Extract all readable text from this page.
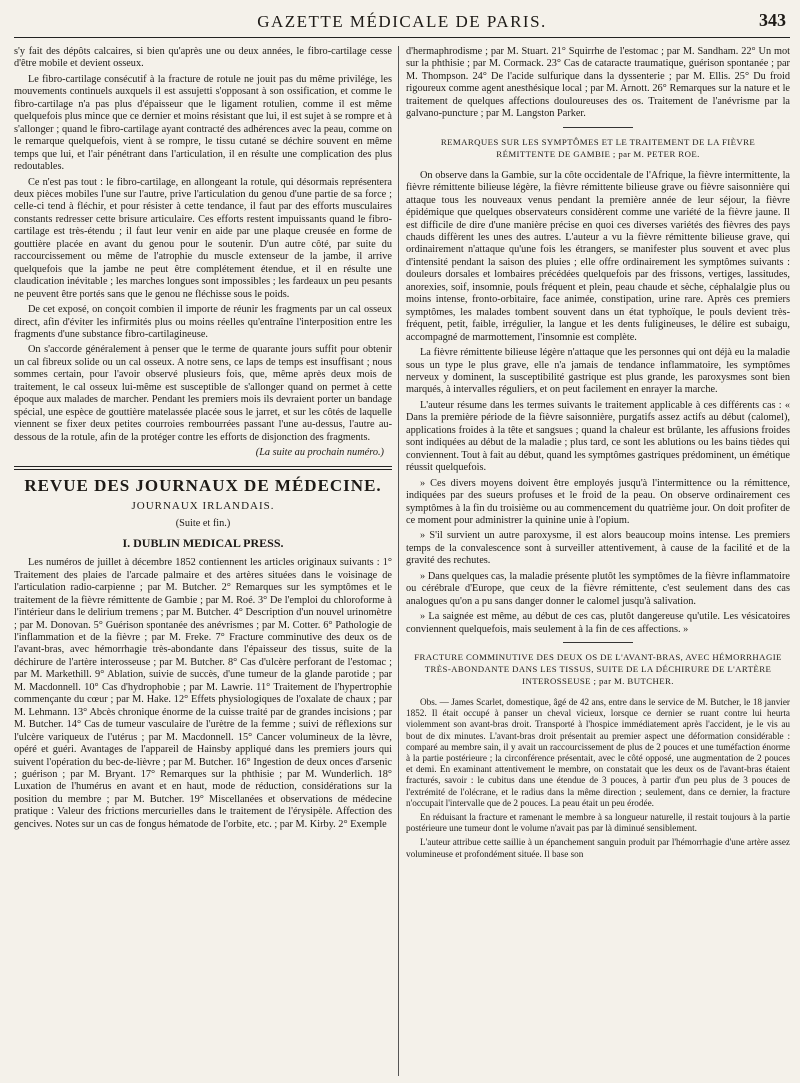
GAZETTE MÉDICALE DE PARIS.	343

s'y fait des dépôts calcaires, si bien qu'après une ou deux années, le fibro-cartilage cesse d'être mobile et devient osseux.

Le fibro-cartilage consécutif à la fracture de rotule ne jouit pas du même privilége, les mouvements continuels auxquels il est assujetti s'opposant à son ossification, et comme le fibro-cartilage n'a pas plus d'épaisseur que le ligament rotulien, comme il est même quelquefois plus mince que ce dernier et moins résistant que lui, il est sujet à se rompre et à s'allonger ; quand le fibro-cartilage ayant contracté des adhérences avec la peau, comme on le remarque quelquefois, vient à se rompre, le tissu cutané se déchire souvent en même temps que lui, et l'air pénétrant dans l'articulation, il en résulte une complication des plus redoutables.

Ce n'est pas tout : le fibro-cartilage, en allongeant la rotule, qui désormais représentera deux pièces mobiles l'une sur l'autre, prive l'articulation du genou d'une partie de sa force ; celle-ci tend à fléchir, et pour résister à cette tendance, il faut par des efforts musculaires constants redresser cette brisure articulaire. Ces efforts restent impuissants quand le fibro-cartilage est très-étendu ; il faut leur venir en aide par une plaque creusée en forme de gouttière placée en avant du genou pour le soutenir. D'un autre côté, par suite du raccourcissement ou même de l'atrophie du muscle extenseur de la jambe, il arrive quelquefois que la jambe ne peut être complétement étendue, et il en résulte une claudication inévitable ; les marches longues sont impossibles ; les fardeaux un peu pesants ne peuvent être portés sans que le genou ne fléchisse sous le poids.

De cet exposé, on conçoit combien il importe de réunir les fragments par un cal osseux direct, afin d'éviter les infirmités plus ou moins réelles qu'entraîne l'interposition entre les fragments d'une substance fibro-cartilagineuse.

On s'accorde généralement à penser que le terme de quarante jours suffit pour obtenir un cal fibreux solide ou un cal osseux. A notre sens, ce laps de temps est insuffisant ; nous sommes certain, pour l'avoir observé plusieurs fois, que, même après deux mois de traitement, le cal osseux lui-même est susceptible de s'allonger quand on permet à cette époque aux malades de marcher. Pendant les premiers mois ils devraient porter un bandage spécial, une espèce de gouttière matelassée placée sous le jarret, et sur les côtés de laquelle viennent se fixer deux petites courroies rembourrées passant l'une au-dessus, l'autre au-dessous de la rotule, afin de la protéger contre les efforts de disjonction des fragments.

(La suite au prochain numéro.)
REVUE DES JOURNAUX DE MÉDECINE.
JOURNAUX IRLANDAIS.
(Suite et fin.)
I. DUBLIN MEDICAL PRESS.

Les numéros de juillet à décembre 1852 contiennent les articles originaux suivants : 1° Traitement des plaies de l'arcade palmaire et des artères situées dans le voisinage de l'articulation radio-carpienne ; par M. Butcher. 2° Remarques sur les symptômes et le traitement de la fièvre rémittente de Gambie ; par M. Roé. 3° De l'emploi du chloroforme à l'intérieur dans le delirium tremens ; par M. Butcher. 4° Description d'un nouvel urinomètre ; par M. Donovan. 5° Guérison spontanée des anévrismes ; par M. Cotter. 6° Pathologie de l'inflammation et de la fièvre ; par M. Freke. 7° Fracture comminutive des deux os de l'avant-bras, avec hémorrhagie très-abondante dans l'épaisseur des tissus, suite de la déchirure de l'artère interosseuse ; par M. Butcher. 8° Cas d'ulcère perforant de l'estomac ; par M. Markethill. 9° Ablation, suivie de succès, d'une tumeur de la glande parotide ; par M. Macdonnell. 10° Cas d'hydrophobie ; par M. Lawrie. 11° Traitement de l'hypertrophie commençante du cœur ; par M. Hake. 12° Effets physiologiques de l'oxalate de chaux ; par M. Lehmann. 13° Abcès chronique énorme de la cuisse traité par de grandes incisions ; par M. Butcher. 14° Cas de tumeur vasculaire de l'urètre de la femme ; suivi de réflexions sur l'ulcère variqueux de l'utérus ; par M. Macdonnell. 15° Cancer volumineux de la lèvre, opéré et guéri. Avantages de l'appareil de Hainsby appliqué dans les premiers jours qui suivent l'opération du bec-de-lièvre ; par M. Butcher. 16° Ingestion de deux onces d'arsenic ; guérison ; par M. Bryant. 17° Remarques sur la phthisie ; par M. Wunderlich. 18° Luxation de l'humérus en avant et en haut, mode de réduction, considérations sur la position du membre ; par M. Butcher. 19° Miscellanées et observations de médecine pratique : Valeur des frictions mercurielles dans le traitement de l'érysipèle. Affection des gencives. Notes sur un cas de fongus hématode de l'orbite, etc. ; par M. Kirby. 2° Exemple

d'hermaphrodisme ; par M. Stuart. 21° Squirrhe de l'estomac ; par M. Sandham. 22° Un mot sur la phthisie ; par M. Cormack. 23° Cas de cataracte traumatique, guérison spontanée ; par M. Thompson. 24° De l'acide sulfurique dans la dyssenterie ; par M. Ellis. 25° Du froid rigoureux comme agent anesthésique local ; par M. Arnott. 26° Remarques sur la nature et le traitement de quelques affections douloureuses des os. Traitement de l'anévrisme par la galvano-puncture ; par M. Langston Parker.

REMARQUES SUR LES SYMPTÔMES ET LE TRAITEMENT DE LA FIÈVRE RÉMITTENTE DE GAMBIE ; par M. PETER ROE.

On observe dans la Gambie, sur la côte occidentale de l'Afrique, la fièvre intermittente, la fièvre rémittente bilieuse légère, la fièvre rémittente bilieuse grave ou fièvre saisonnière qui attaque tous les nouveaux venus pendant la première année de leur séjour, la fièvre épidémique que quelques observateurs considèrent comme une variété de la fièvre jaune. Il est difficile de dire d'une manière précise en quoi ces diverses variétés des fièvres des pays chauds diffèrent les unes des autres. L'auteur a vu la fièvre rémittente bilieuse grave, qui ordinairement n'attaque qu'une fois les étrangers, se manifester plus souvent et avec plus d'intensité pendant la saison des pluies ; elle offre ordinairement les symptômes suivants : douleurs dorsales et lombaires précédées quelquefois par des frissons, vertiges, lassitudes, anorexies, soif, insomnie, pouls fréquent et plein, peau chaude et sèche, céphalalgie plus ou moins intense, fronto-orbitaire, face animée, constipation, urine rare. Après ces premiers symptômes, les malades tombent souvent dans un état typhoïque, le pouls devient très-fréquent, petit, faible, irrégulier, la langue et les dents fuligineuses, le délire est subaigu, accompagné de marmottement, l'insomnie est complète.

La fièvre rémittente bilieuse légère n'attaque que les personnes qui ont déjà eu la maladie sous un type le plus grave, elle n'a jamais de tendance inflammatoire, les symptômes nerveux y dominent, la susceptibilité gastrique est plus grande, les paroxysmes sont bien marqués, à intervalles réguliers, et on peut facilement en enrayer la marche.

L'auteur résume dans les termes suivants le traitement applicable à ces différents cas : « Dans la première période de la fièvre saisonnière, purgatifs assez actifs au début (calomel), applications froides à la tête et sangsues ; quand la chaleur est brûlante, les affusions froides sont indiquées au début de la maladie ; plus tard, ce sont les ablutions ou les bains tièdes qui conviennent. Tout à fait au début, quand les symptômes gastriques prédominent, un émétique réussit quelquefois.

» Ces divers moyens doivent être employés jusqu'à l'intermittence ou la rémittence, indiquées par des sueurs profuses et le froid de la peau. On observe ordinairement ces symptômes à la fin du troisième ou au commencement du quatrième jour. On doit profiter de ce moment pour administrer la quinine unie à l'opium.

» S'il survient un autre paroxysme, il est alors beaucoup moins intense. Les premiers temps de la convalescence sont à surveiller attentivement, à cause de la facilité et de la gravité des rechutes.

» Dans quelques cas, la maladie présente plutôt les symptômes de la fièvre inflammatoire ou cérébrale d'Europe, que ceux de la fièvre rémittente, c'est seulement dans des cas analogues qu'on a pu sans danger donner le calomel jusqu'à salivation.

» La saignée est même, au début de ces cas, plutôt dangereuse qu'utile. Les vésicatoires conviennent quelquefois, mais seulement à la fin de ces affections. »

FRACTURE COMMINUTIVE DES DEUX OS DE L'AVANT-BRAS, AVEC HÉMORRHAGIE TRÈS-ABONDANTE DANS LES TISSUS, SUITE DE LA DÉCHIRURE DE L'ARTÈRE INTEROSSEUSE ; par M. BUTCHER.

Obs. — James Scarlet, domestique, âgé de 42 ans, entre dans le service de M. Butcher, le 18 janvier 1852. Il était occupé à panser un cheval vicieux, lorsque ce dernier se ruant contre lui heurta violemment son avant-bras droit. Transporté à l'hospice immédiatement après l'accident, je le vis au bout de dix minutes. L'avant-bras droit présentait au premier aspect une déformation considérable : comparé au membre sain, il y avait un raccourcissement de plus de 2 pouces et une tuméfaction énorme à la partie postérieure ; la circonférence présentait, avec le côté opposé, une augmentation de 2 pouces et demi. En examinant attentivement le membre, on constatait que les deux os de l'avant-bras étaient fracturés, savoir : le cubitus dans une étendue de 3 pouces, à partir d'un peu plus de 3 pouces de l'extrémité de l'olécrane, et le radius dans la même direction ; seulement, dans ce dernier, la fracture n'occupait l'intervalle que de 2 pouces. La peau était un peu érodée.

En réduisant la fracture et ramenant le membre à sa longueur naturelle, il restait toujours à la partie postérieure une tumeur dont le volume n'avait pas par là diminué sensiblement.

L'auteur attribue cette saillie à un épanchement sanguin produit par l'hémorrhagie d'une artère assez volumineuse et profondément située. Il base son
